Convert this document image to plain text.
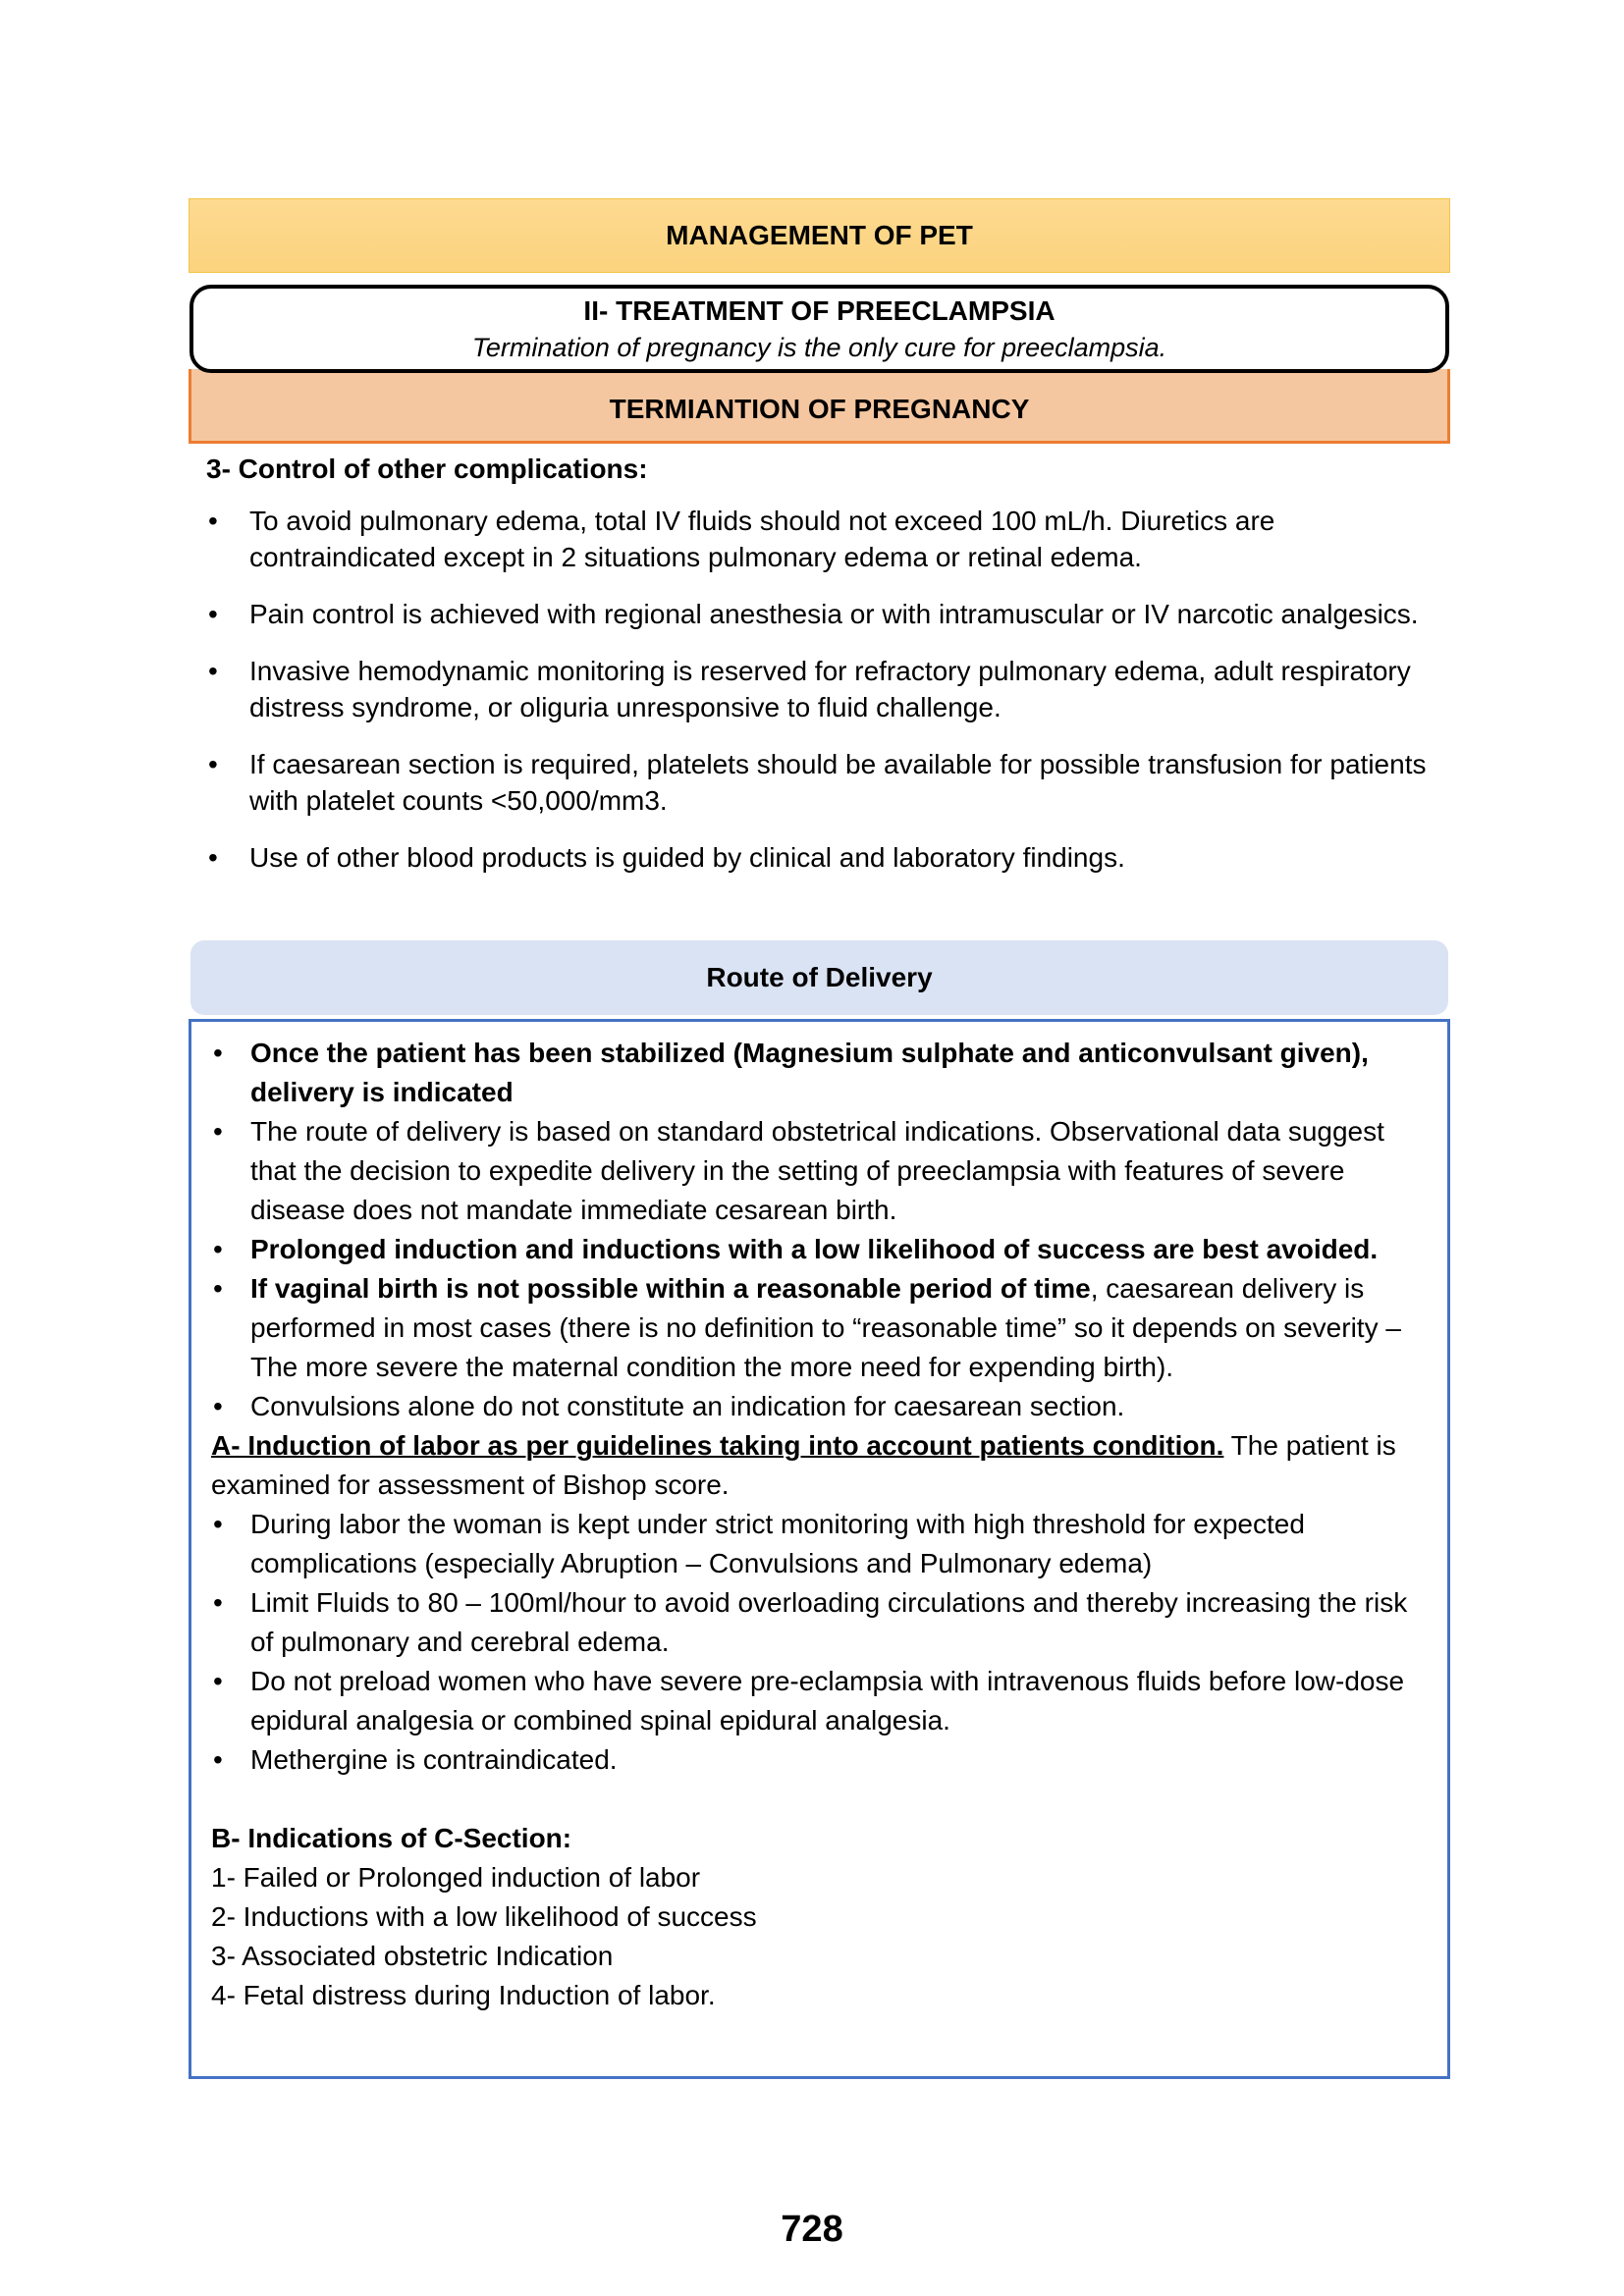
MANAGEMENT OF PET
II- TREATMENT OF PREECLAMPSIA
Termination of pregnancy is the only cure for preeclampsia.
TERMIANTION OF PREGNANCY
3- Control of other complications:
• To avoid pulmonary edema, total IV fluids should not exceed 100 mL/h. Diuretics are contraindicated except in 2 situations pulmonary edema or retinal edema.
• Pain control is achieved with regional anesthesia or with intramuscular or IV narcotic analgesics.
• Invasive hemodynamic monitoring is reserved for refractory pulmonary edema, adult respiratory distress syndrome, or oliguria unresponsive to fluid challenge.
• If caesarean section is required, platelets should be available for possible transfusion for patients with platelet counts <50,000/mm3.
• Use of other blood products is guided by clinical and laboratory findings.
Route of Delivery
• Once the patient has been stabilized (Magnesium sulphate and anticonvulsant given), delivery is indicated
• The route of delivery is based on standard obstetrical indications. Observational data suggest that the decision to expedite delivery in the setting of preeclampsia with features of severe disease does not mandate immediate cesarean birth.
• Prolonged induction and inductions with a low likelihood of success are best avoided.
• If vaginal birth is not possible within a reasonable period of time, caesarean delivery is performed in most cases (there is no definition to “reasonable time” so it depends on severity – The more severe the maternal condition the more need for expending birth).
• Convulsions alone do not constitute an indication for caesarean section.
A- Induction of labor as per guidelines taking into account patients condition. The patient is examined for assessment of Bishop score.
• During labor the woman is kept under strict monitoring with high threshold for expected complications (especially Abruption – Convulsions and Pulmonary edema)
• Limit Fluids to 80 – 100ml/hour to avoid overloading circulations and thereby increasing the risk of pulmonary and cerebral edema.
• Do not preload women who have severe pre-eclampsia with intravenous fluids before low-dose epidural analgesia or combined spinal epidural analgesia.
• Methergine is contraindicated.
B- Indications of C-Section:
1- Failed or Prolonged induction of labor
2- Inductions with a low likelihood of success
3- Associated obstetric Indication
4- Fetal distress during Induction of labor.
728
